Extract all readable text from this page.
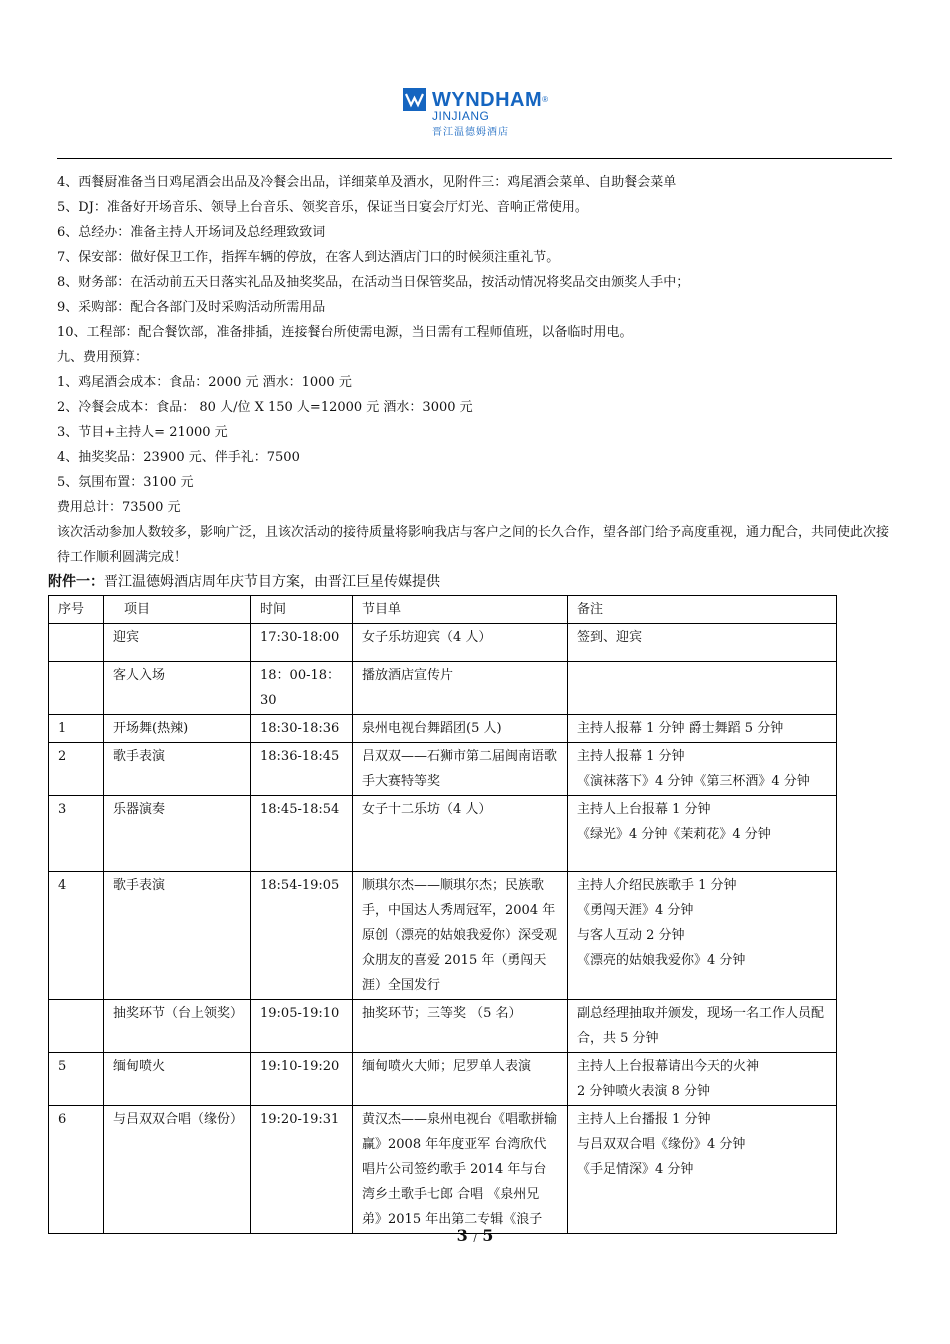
WYNDHAM®
JINJIANG
晋江温德姆酒店
4、西餐厨准备当日鸡尾酒会出品及冷餐会出品，详细菜单及酒水，见附件三：鸡尾酒会菜单、自助餐会菜单
5、DJ：准备好开场音乐、领导上台音乐、领奖音乐，保证当日宴会厅灯光、音响正常使用。
6、总经办：准备主持人开场词及总经理致致词
7、保安部：做好保卫工作，指挥车辆的停放，在客人到达酒店门口的时候须注重礼节。
8、财务部：在活动前五天日落实礼品及抽奖奖品，在活动当日保管奖品，按活动情况将奖品交由颁奖人手中；
9、采购部：配合各部门及时采购活动所需用品
10、工程部：配合餐饮部，准备排插，连接餐台所使需电源，当日需有工程师值班，以备临时用电。
九、费用预算：
1、鸡尾酒会成本：食品：2000 元 酒水：1000 元
2、冷餐会成本：食品： 80 人/位 X 150 人=12000 元 酒水：3000 元
3、节目+主持人= 21000 元
4、抽奖奖品：23900 元、伴手礼：7500
5、氛围布置：3100 元
费用总计：73500 元
该次活动参加人数较多，影响广泛，且该次活动的接待质量将影响我店与客户之间的长久合作，望各部门给予高度重视，通力配合，共同使此次接待工作顺利圆满完成！
附件一：晋江温德姆酒店周年庆节目方案，由晋江巨星传媒提供
序号	项目	时间	节目单	备注
	迎宾	17:30-18:00	女子乐坊迎宾（4 人）	签到、迎宾

	客人入场	18：00-18：30	播放酒店宣传片	

1	开场舞(热辣)	18:30-18:36	泉州电视台舞蹈团(5 人)	主持人报幕 1 分钟 爵士舞蹈 5 分钟

2	歌手表演	18:36-18:45	吕双双——石狮市第二届闽南语歌手大赛特等奖	主持人报幕 1 分钟
《演袜落下》4 分钟《第三杯酒》4 分钟

3	乐器演奏	18:45-18:54	女子十二乐坊（4 人）	主持人上台报幕 1 分钟
《绿光》4 分钟《茉莉花》4 分钟

4	歌手表演	18:54-19:05	顺琪尔杰——顺琪尔杰；民族歌手，中国达人秀周冠军，2004 年原创（漂亮的姑娘我爱你）深受观众朋友的喜爱 2015 年（勇闯天涯）全国发行	主持人介绍民族歌手 1 分钟
《勇闯天涯》4 分钟
与客人互动 2 分钟
《漂亮的姑娘我爱你》4 分钟

	抽奖环节（台上领奖）	19:05-19:10	抽奖环节；三等奖 （5 名）	副总经理抽取并颁发，现场一名工作人员配合，共 5 分钟

5	缅甸喷火	19:10-19:20	缅甸喷火大师；尼罗单人表演	主持人上台报幕请出今天的火神
2 分钟喷火表演 8 分钟

6	与吕双双合唱（缘份）	19:20-19:31	黄汉杰——泉州电视台《唱歌拼输赢》2008 年年度亚军 台湾欣代唱片公司签约歌手 2014 年与台湾乡土歌手七郎 合唱 《泉州兄弟》2015 年出第二专辑《浪子	主持人上台播报 1 分钟
与吕双双合唱《缘份》4 分钟
《手足情深》4 分钟
3 / 5
